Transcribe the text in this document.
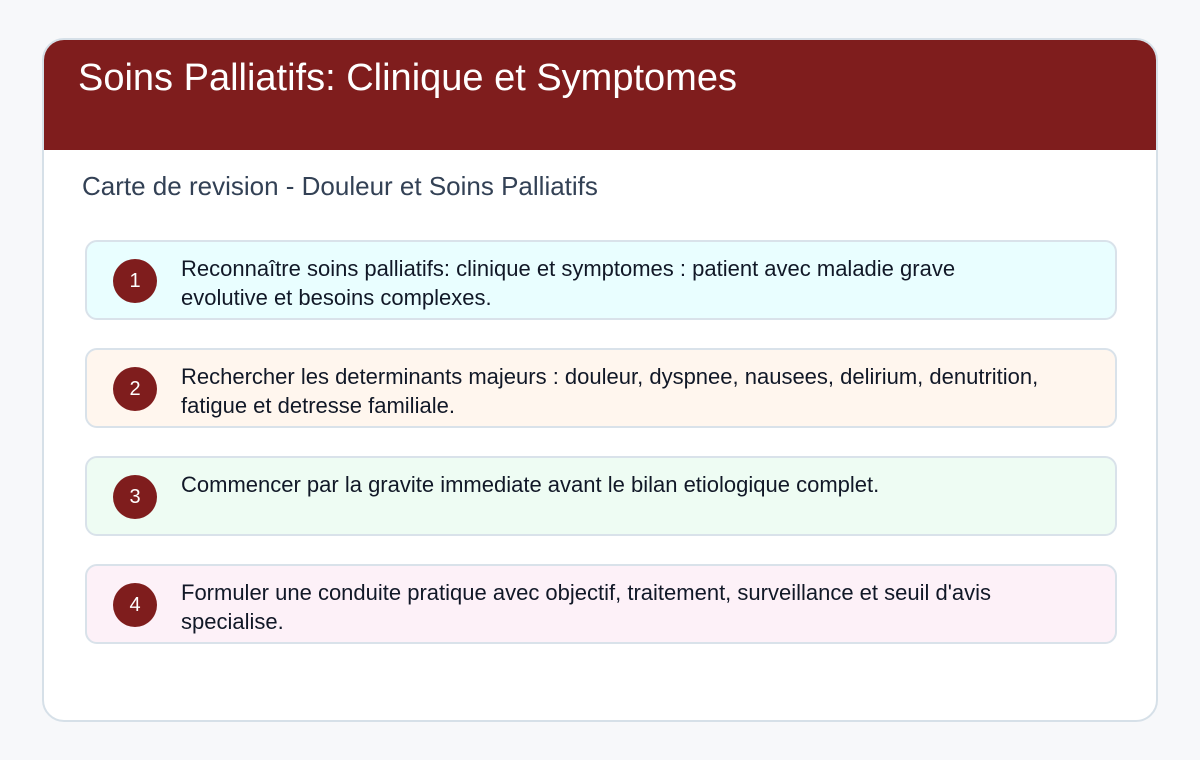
Soins Palliatifs: Clinique et Symptomes
Carte de revision - Douleur et Soins Palliatifs
1	Reconnaître soins palliatifs: clinique et symptomes : patient avec maladie grave evolutive et besoins complexes.
2	Rechercher les determinants majeurs : douleur, dyspnee, nausees, delirium, denutrition, fatigue et detresse familiale.
3	Commencer par la gravite immediate avant le bilan etiologique complet.
4	Formuler une conduite pratique avec objectif, traitement, surveillance et seuil d'avis specialise.
